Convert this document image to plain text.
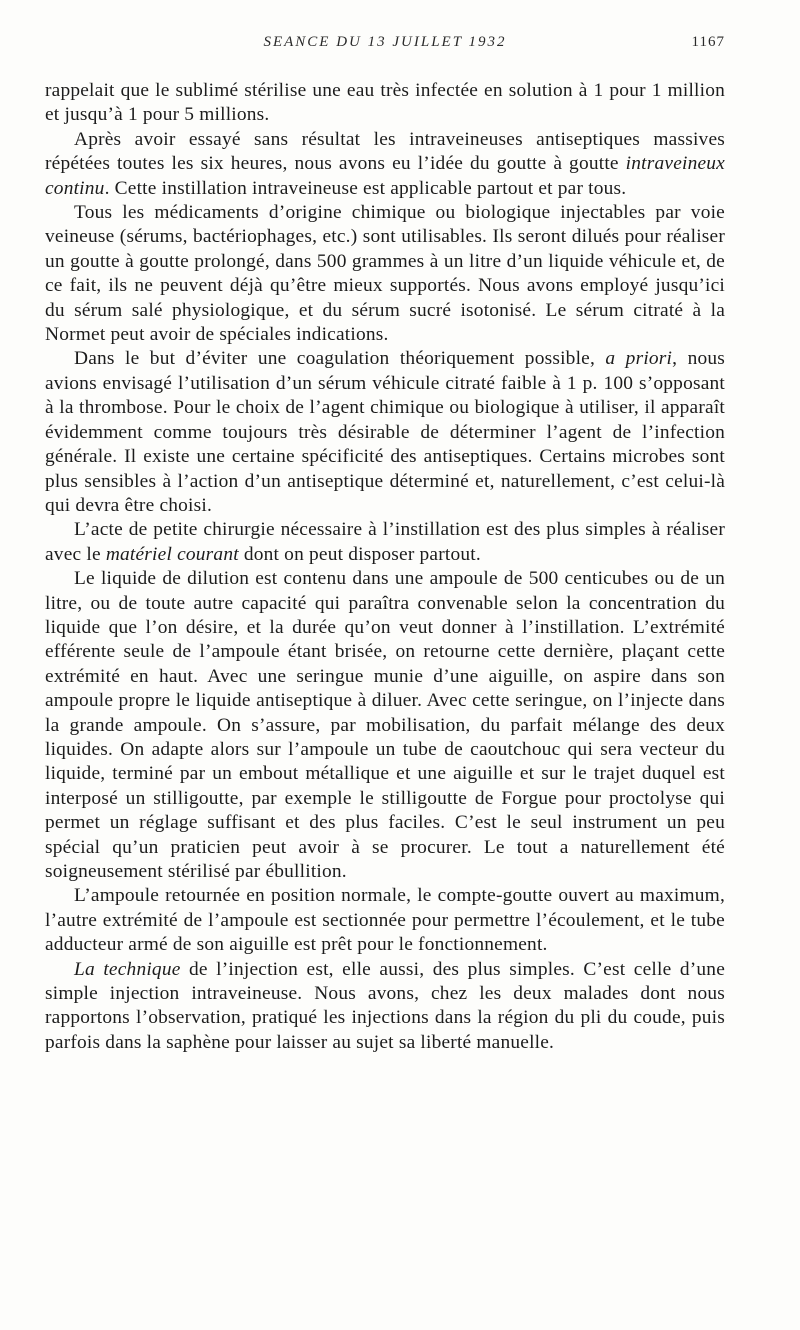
SEANCE DU 13 JUILLET 1932	1167

rappelait que le sublimé stérilise une eau très infectée en solution à 1 pour 1 million et jusqu’à 1 pour 5 millions.

Après avoir essayé sans résultat les intraveineuses antiseptiques massives répétées toutes les six heures, nous avons eu l’idée du goutte à goutte intraveineux continu. Cette instillation intraveineuse est applicable partout et par tous.

Tous les médicaments d’origine chimique ou biologique injectables par voie veineuse (sérums, bactériophages, etc.) sont utilisables. Ils seront dilués pour réaliser un goutte à goutte prolongé, dans 500 grammes à un litre d’un liquide véhicule et, de ce fait, ils ne peuvent déjà qu’être mieux supportés. Nous avons employé jusqu’ici du sérum salé physiologique, et du sérum sucré isotonisé. Le sérum citraté à la Normet peut avoir de spéciales indications.

Dans le but d’éviter une coagulation théoriquement possible, a priori, nous avions envisagé l’utilisation d’un sérum véhicule citraté faible à 1 p. 100 s’opposant à la thrombose. Pour le choix de l’agent chimique ou biologique à utiliser, il apparaît évidemment comme toujours très désirable de déterminer l’agent de l’infection générale. Il existe une certaine spécificité des antiseptiques. Certains microbes sont plus sensibles à l’action d’un antiseptique déterminé et, naturellement, c’est celui-là qui devra être choisi.

L’acte de petite chirurgie nécessaire à l’instillation est des plus simples à réaliser avec le matériel courant dont on peut disposer partout.

Le liquide de dilution est contenu dans une ampoule de 500 centicubes ou de un litre, ou de toute autre capacité qui paraîtra convenable selon la concentration du liquide que l’on désire, et la durée qu’on veut donner à l’instillation. L’extrémité efférente seule de l’ampoule étant brisée, on retourne cette dernière, plaçant cette extrémité en haut. Avec une seringue munie d’une aiguille, on aspire dans son ampoule propre le liquide antiseptique à diluer. Avec cette seringue, on l’injecte dans la grande ampoule. On s’assure, par mobilisation, du parfait mélange des deux liquides. On adapte alors sur l’ampoule un tube de caoutchouc qui sera vecteur du liquide, terminé par un embout métallique et une aiguille et sur le trajet duquel est interposé un stilligoutte, par exemple le stilligoutte de Forgue pour proctolyse qui permet un réglage suffisant et des plus faciles. C’est le seul instrument un peu spécial qu’un praticien peut avoir à se procurer. Le tout a naturellement été soigneusement stérilisé par ébullition.

L’ampoule retournée en position normale, le compte-goutte ouvert au maximum, l’autre extrémité de l’ampoule est sectionnée pour permettre l’écoulement, et le tube adducteur armé de son aiguille est prêt pour le fonctionnement.

La technique de l’injection est, elle aussi, des plus simples. C’est celle d’une simple injection intraveineuse. Nous avons, chez les deux malades dont nous rapportons l’observation, pratiqué les injections dans la région du pli du coude, puis parfois dans la saphène pour laisser au sujet sa liberté manuelle.
